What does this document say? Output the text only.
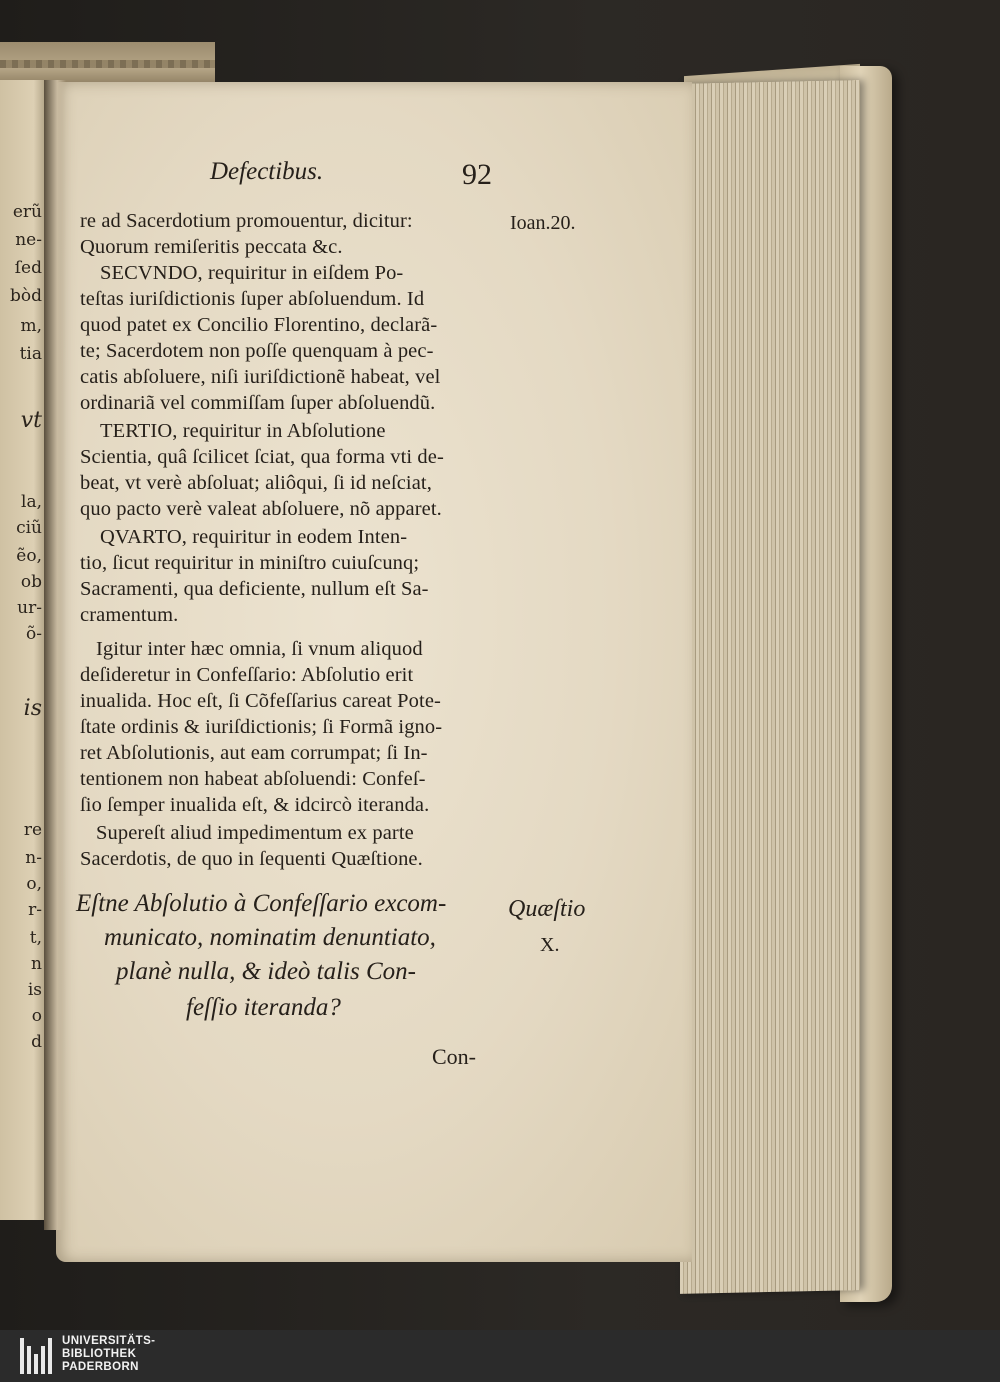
erũ
ne-
ſed
bòd
m,
tia
vt
la,
ciũ
ẽo,
ob
ur-
õ-
is
re
n-
o,
r-
t,
n
is
o
d
Defectibus.	92
re ad Sacerdotium promouentur, dicitur:
Quorum remiſeritis peccata &c.
SECVNDO, requiritur in eiſdem Po-
teſtas iuriſdictionis ſuper abſoluendum. Id
quod patet ex Concilio Florentino, declarã-
te; Sacerdotem non poſſe quenquam à pec-
catis abſoluere, niſi iuriſdictionẽ habeat, vel
ordinariã vel commiſſam ſuper abſoluendũ.
TERTIO, requiritur in Abſolutione
Scientia, quâ ſcilicet ſciat, qua forma vti de-
beat, vt verè abſoluat; aliôqui, ſi id neſciat,
quo pacto verè valeat abſoluere, nõ apparet.
QVARTO, requiritur in eodem Inten-
tio, ſicut requiritur in miniſtro cuiuſcunq;
Sacramenti, qua deficiente, nullum eſt Sa-
cramentum.
Igitur inter hæc omnia, ſi vnum aliquod
deſideretur in Confeſſario: Abſolutio erit
inualida. Hoc eſt, ſi Cõfeſſarius careat Pote-
ſtate ordinis & iuriſdictionis; ſi Formã igno-
ret Abſolutionis, aut eam corrumpat; ſi In-
tentionem non habeat abſoluendi: Confeſ-
ſio ſemper inualida eſt, & idcircò iteranda.
Supereſt aliud impedimentum ex parte
Sacerdotis, de quo in ſequenti Quæſtione.
Eſtne Abſolutio à Confeſſario excom-
municato, nominatim denuntiato,
planè nulla, & ideò talis Con-
feſſio iteranda?
Ioan.20.
Quæſtio
X.
Con-
UNIVERSITÄTS-
BIBLIOTHEK
PADERBORN
